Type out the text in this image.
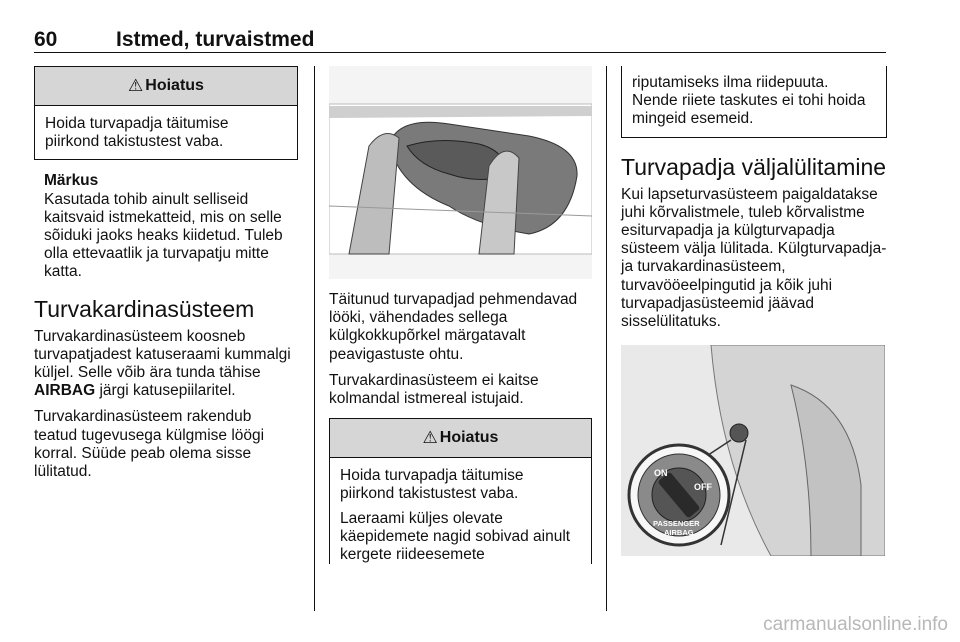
60	Istmed, turvaistmed
⚠ Hoiatus

Hoida turvapadja täitumise piirkond takistustest vaba.

Märkus
Kasutada tohib ainult selliseid kaitsvaid istmekatteid, mis on selle sõiduki jaoks heaks kiidetud. Tuleb olla ettevaatlik ja turvapatju mitte katta.
Turvakardinasüsteem

Turvakardinasüsteem koosneb turvapatjadest katuseraami kummalgi küljel. Selle võib ära tunda tähise AIRBAG järgi katusepiilaritel.

Turvakardinasüsteem rakendub teatud tugevusega külgmise löögi korral. Süüde peab olema sisse lülitatud.

Täitunud turvapadjad pehmendavad lööki, vähendades sellega külgkokkupõrkel märgatavalt peavigastuste ohtu.

Turvakardinasüsteem ei kaitse kolmandal istmereal istujaid.

⚠ Hoiatus

Hoida turvapadja täitumise piirkond takistustest vaba.

Laeraami küljes olevate käepidemete nagid sobivad ainult kergete riideesemete

riputamiseks ilma riidepuuta. Nende riiete taskutes ei tohi hoida mingeid esemeid.

Turvapadja väljalülitamine

Kui lapseturvasüsteem paigaldatakse juhi kõrvalistmele, tuleb kõrvalistme esiturvapadja ja külgturvapadja süsteem välja lülitada. Külgturvapadja- ja turvakardinasüsteem, turvavööeelpingutid ja kõik juhi turvapadjasüsteemid jäävad sisselülitatuks.

ON
OFF
PASSENGER
AIRBAG
carmanualsonline.info
